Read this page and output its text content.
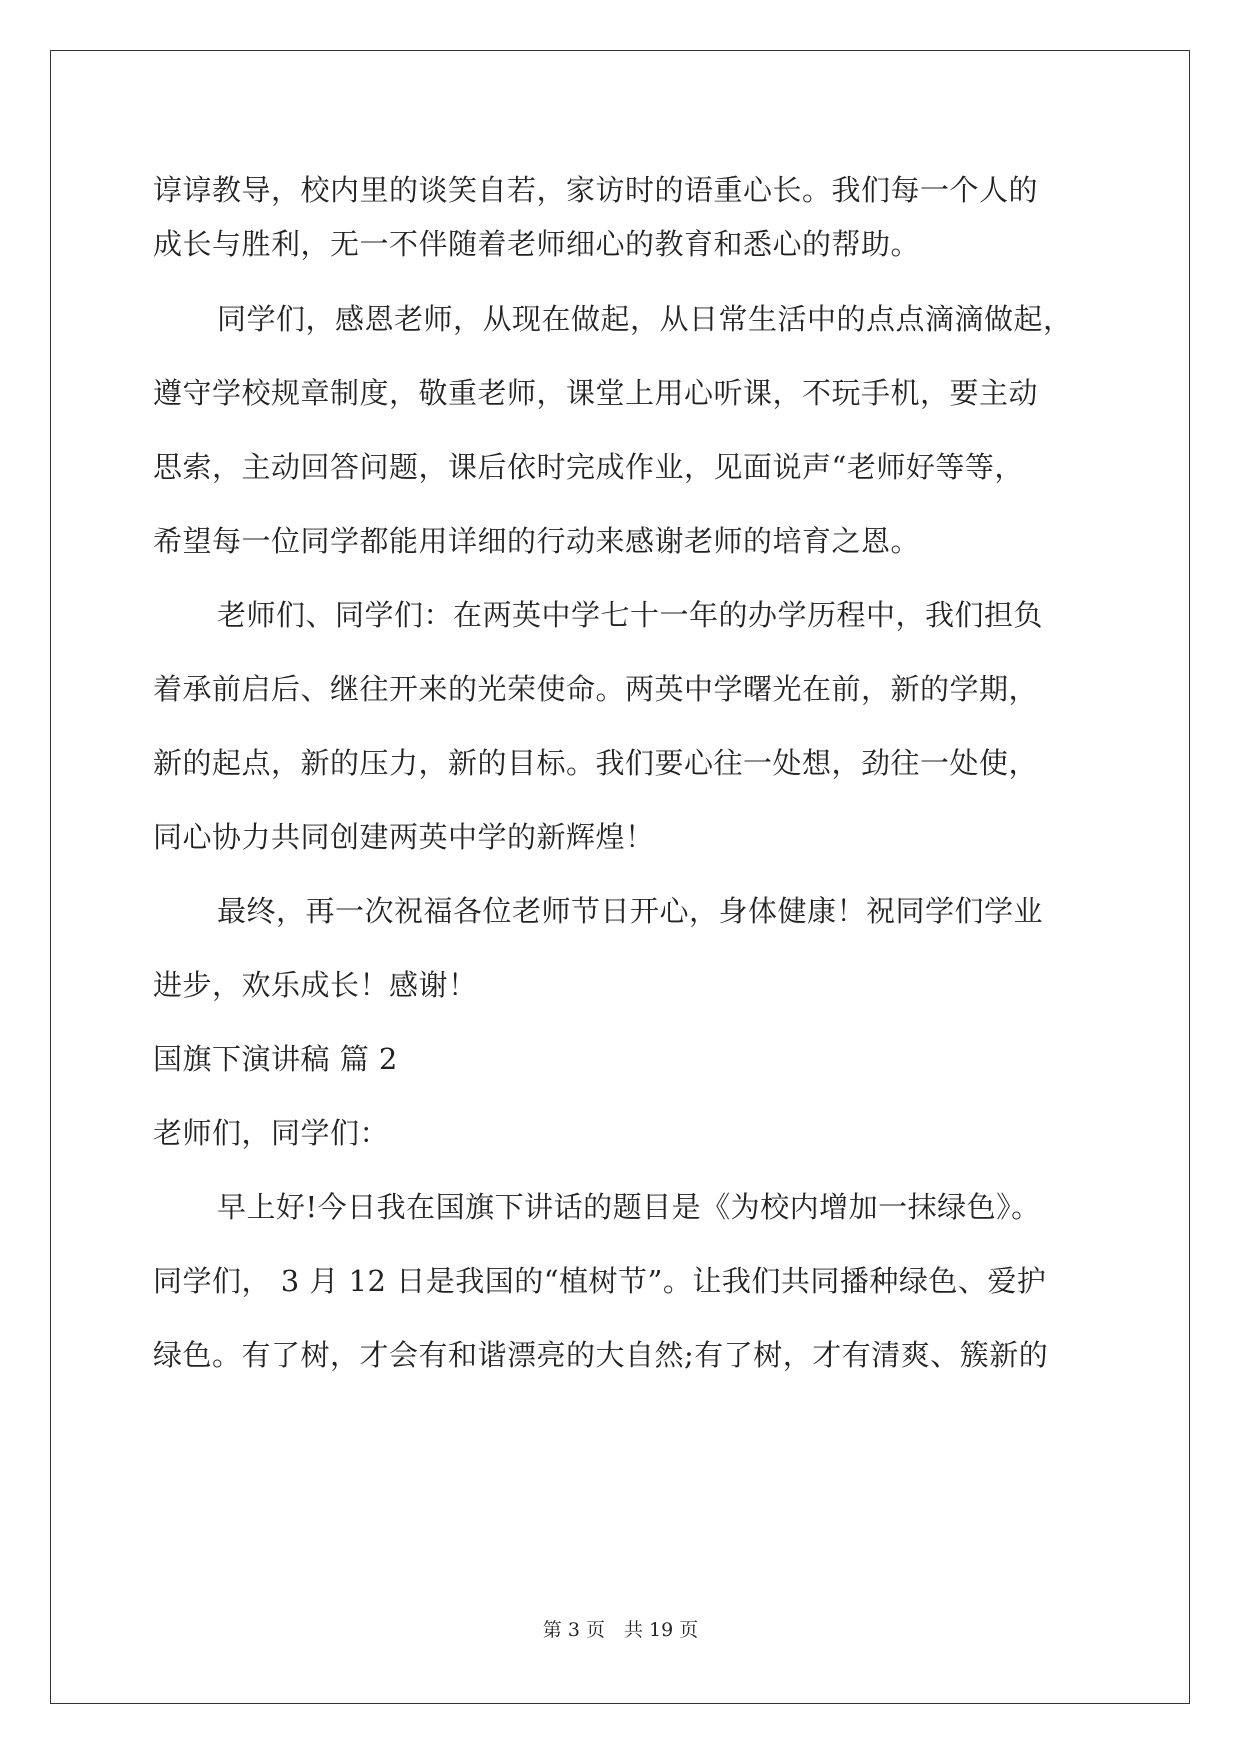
谆谆教导，校内里的谈笑自若，家访时的语重心长。我们每一个人的
成长与胜利，无一不伴随着老师细心的教育和悉心的帮助。
同学们，感恩老师，从现在做起，从日常生活中的点点滴滴做起，
遵守学校规章制度，敬重老师，课堂上用心听课，不玩手机，要主动
思索，主动回答问题，课后依时完成作业，见面说声“老师好等等，
希望每一位同学都能用详细的行动来感谢老师的培育之恩。
老师们、同学们：在两英中学七十一年的办学历程中，我们担负
着承前启后、继往开来的光荣使命。两英中学曙光在前，新的学期，
新的起点，新的压力，新的目标。我们要心往一处想，劲往一处使，
同心协力共同创建两英中学的新辉煌！
最终，再一次祝福各位老师节日开心，身体健康！祝同学们学业
进步，欢乐成长！感谢！
国旗下演讲稿 篇 2
老师们，同学们：
早上好!今日我在国旗下讲话的题目是《为校内增加一抹绿色》。
同学们， 3 月 12 日是我国的“植树节”。让我们共同播种绿色、爱护
绿色。有了树，才会有和谐漂亮的大自然;有了树，才有清爽、簇新的
第 3 页　共 19 页
